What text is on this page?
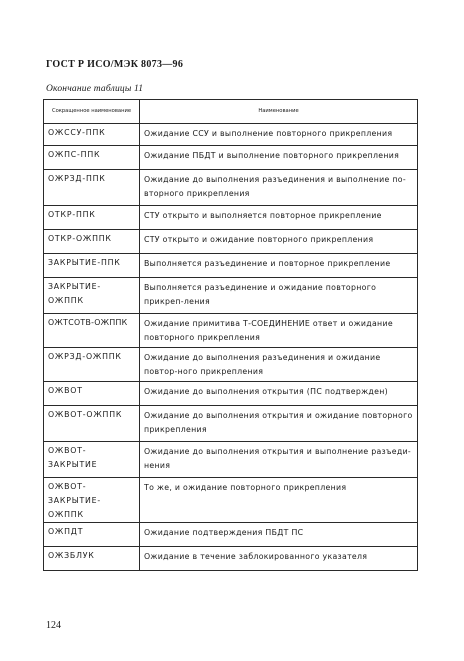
ГОСТ Р ИСО/МЭК 8073—96
Окончание таблицы 11
Сокращенное наименование	Наименование
ОЖССУ-ППК	Ожидание ССУ и выполнение повторного прикрепления
ОЖПС-ППК	Ожидание ПБДТ и выполнение повторного прикрепления
ОЖРЗД-ППК	Ожидание до выполнения разъединения и выполнение по-вторного прикрепления
ОТКР-ППК	СТУ открыто и выполняется повторное прикрепление
ОТКР-ОЖППК	СТУ открыто и ожидание повторного прикрепления
ЗАКРЫТИЕ-ППК	Выполняется разъединение и повторное прикрепление
ЗАКРЫТИЕ-ОЖППК	Выполняется разъединение и ожидание повторного прикреп-ления
ОЖТСОТВ-ОЖППК	Ожидание примитива Т-СОЕДИНЕНИЕ ответ и ожидание повторного прикрепления
ОЖРЗД-ОЖППК	Ожидание до выполнения разъединения и ожидание повтор-ного прикрепления
ОЖВОТ	Ожидание до выполнения открытия (ПС подтвержден)
ОЖВОТ-ОЖППК	Ожидание до выполнения открытия и ожидание повторного прикрепления
ОЖВОТ-ЗАКРЫТИЕ	Ожидание до выполнения открытия и выполнение разъеди-нения
ОЖВОТ-ЗАКРЫТИЕ-ОЖППК	То же, и ожидание повторного прикрепления
ОЖПДТ	Ожидание подтверждения ПБДТ ПС
ОЖЗБЛУК	Ожидание в течение заблокированного указателя
124
